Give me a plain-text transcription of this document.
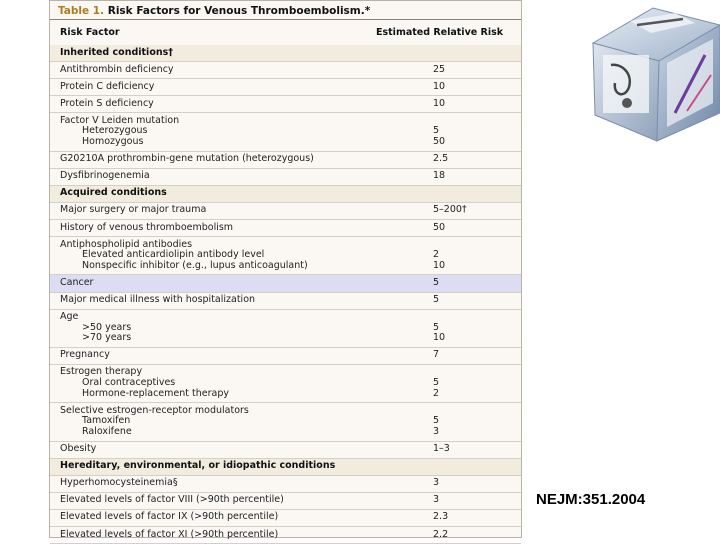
Table 1. Risk Factors for Venous Thromboembolism.*
Risk Factor	Estimated Relative Risk
Inherited conditions†
Antithrombin deficiency	25
Protein C deficiency	10
Protein S deficiency	10
Factor V Leiden mutation
Heterozygous	5
Homozygous	50
G20210A prothrombin-gene mutation (heterozygous)	2.5
Dysfibrinogenemia	18
Acquired conditions
Major surgery or major trauma	5–200†
History of venous thromboembolism	50
Antiphospholipid antibodies
Elevated anticardiolipin antibody level	2
Nonspecific inhibitor (e.g., lupus anticoagulant)	10
Cancer	5
Major medical illness with hospitalization	5
Age
>50 years	5
>70 years	10
Pregnancy	7
Estrogen therapy
Oral contraceptives	5
Hormone-replacement therapy	2
Selective estrogen-receptor modulators
Tamoxifen	5
Raloxifene	3
Obesity	1–3
Hereditary, environmental, or idiopathic conditions
Hyperhomocysteinemia§	3
Elevated levels of factor VIII (>90th percentile)	3
Elevated levels of factor IX (>90th percentile)	2.3
Elevated levels of factor XI (>90th percentile)	2.2
NEJM:351.2004
